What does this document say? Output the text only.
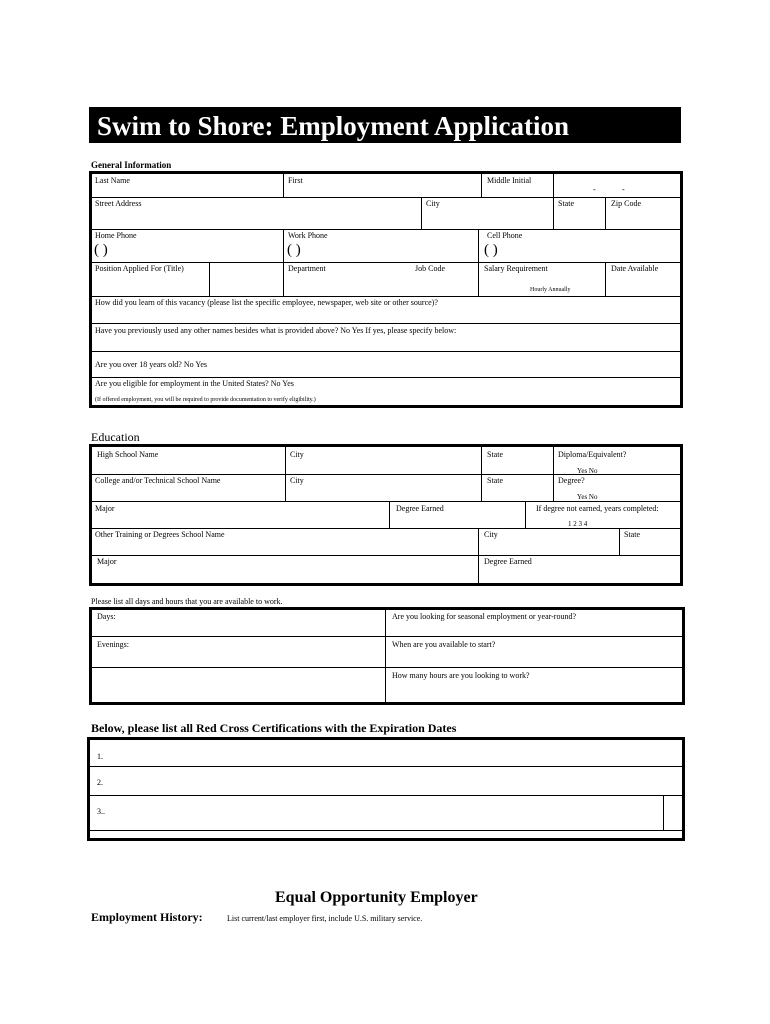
Swim to Shore: Employment Application
General Information
Last Name	First	Middle Initial
-	-
Street Address	City	State	Zip Code
Home Phone	Work Phone	Cell Phone
( )	( )	( )
Position Applied For (Title)	Department	Job Code	Salary Requirement	Date Available
Hourly Annually
How did you learn of this vacancy (please list the specific employee, newspaper, web site or other source)?
Have you previously used any other names besides what is provided above? No Yes If yes, please specify below:
Are you over 18 years old? No Yes
Are you eligible for employment in the United States? No Yes
(If offered employment, you will be required to provide documentation to verify eligibility.)
Education
High School Name	City	State	Diploma/Equivalent?
Yes No
College and/or Technical School Name	City	State	Degree?
Yes No
Major	Degree Earned	If degree not earned, years completed:
1 2 3 4
Other Training or Degrees School Name	City	State
Major	Degree Earned
Please list all days and hours that you are available to work.
Days:
Evenings:
Are you looking for seasonal employment or year-round?
When are you available to start?
How many hours are you looking to work?
Below, please list all Red Cross Certifications with the Expiration Dates
1.
2.
3..
Equal Opportunity Employer
Employment History:	List current/last employer first, include U.S. military service.
